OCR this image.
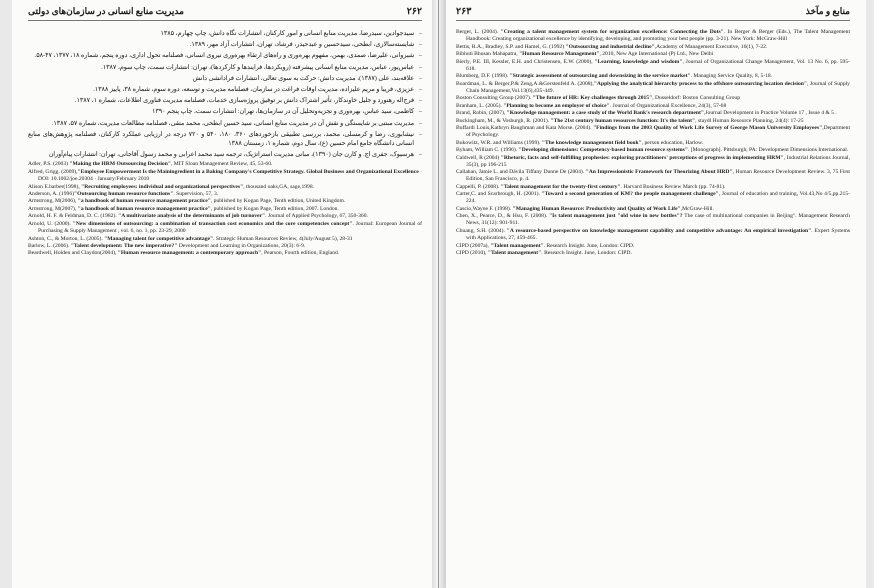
۲۶۲
مدیریت منابع انسانی در سازمان‌های دولتی
– سیدجوادین، سیدرضا، مدیریت منابع انسانی و امور کارکنان، انتشارات نگاه دانش، چاپ چهارم، ۱۳۸۵
– شایسته‌سالاری، ابطحی، سیدحسین و عبدحیدر، فرشاد، تهران، انتشارات آزاد مهر، ۱۳۸۹.
– شیروانی، علیرضا، صمدی، بهمن، مفهوم بهره‌وری و راه‌های ارتقاء بهره‌وری نیروی انسانی، فصلنامه تحول اداری، دوره پنجم، شماره ۱۸، ۱۳۷۷، ۴۷-۵۸.
– عباس‌پور، عباس، مدیریت منابع انسانی پیشرفته (رویکردها، فرایندها و کارکردها)، تهران: انتشارات سمت، چاپ سوم، ۱۳۸۷.
– علاقه‌بند، علی (۱۳۸۷)، مدیریت دانش: حرکت به سوی تعالی، انتشارات فرادانشی دانش
– عزیزی، فریبا و مریم علیزاده، مدیریت اوقات فراغت در سازمان، فصلنامه مدیریت و توسعه، دوره سوم، شماره ۳۸، پاییز ۱۳۸۸.
– فرج‌اله رهنورد و جلیل خاوندکار، تأثیر اشتراک دانش بر توفیق پروژه‌سازی خدمات، فصلنامه مدیریت فناوری اطلاعات، شماره ۱، ۱۳۸۷.
– کاظمی، سید عباس، بهره‌وری و تجزیه‌وتحلیل آن در سازمان‌ها، تهران: انتشارات سمت، چاپ پنجم ۱۳۹۰
– مدیریت مبتنی بر شایستگی و نقش آن در مدیریت منابع انسانی، سید حسین ابطحی، محمد متقی، فصلنامه مطالعات مدیریت، شماره ۵۷، ۱۳۸۷.
– نیشابوری، رضا و کرمسلی، محمد، بررسی تطبیقی بازخوردهای ۳۶۰، ۱۸۰، ۵۴۰ و ۷۲۰ درجه در ارزیابی عملکرد کارکنان، فصلنامه پژوهش‌های منابع انسانی دانشگاه جامع امام حسین (ع)، سال دوم، شماره ۱، زمستان ۱۳۸۸
– هرسیوک، جفری اچ. و کارن جان (۱۳۹۰)، مبانی مدیریت استراتژیک، ترجمه سید محمد اعرابی و محمد رسول آقاجانی، تهران: انتشارات پیام‌آوران
Adler, P.S. (2003) "Making the HRM Outsourcing Decision", MIT Sloan Management Review, 45, 53-60.
Alfred, Grigg. (2009),"Employee Empowerment Is the Mainingredient in a Baking Company's Competitive Strategy. Global Business and Organizational Excellence · DOI: 10.1002/joe.20304 · January/February 2010
Alison E.barber(1998), "Recruiting employees: individual and organizational perspectives", thousand oaks,GA, sage,1998.
Anderson, A. (1996)"Outsourcing human resource functions". Supervision, 57, 3.
Armstrong, M(2006), "a handbook of human resource management practice", published by Kogan Page, Tenth edition, United Kingdom.
Armstrong, M(2007), "a handbook of human resource management practice", published by Kogan Page, Tenth edition, 2007. London.
Arnold, H. F. & Feldman, D. C. (1982). "A multivariate analysis of the determinants of job turnover". Journal of Applied Psychology, 67, 350-360.
Arnold, U. (2000). "New dimensions of outsourcing: a combination of transaction cost economics and the core competencies concept". Journal: European Journal of Purchasing & Supply Management , vol. 6, no. 1, pp. 23-29, 2000
Ashton, C., & Morton, L. (2005). "Managing talent for competitive advantage". Strategic Human Resources Review, 4(July/August 5), 28-31
Barlow, L. (2006). "Talent development: The new imperative?" Development and Learning in Organizations, 20(3): 6-9.
Beardwell, Holden and Claydon(2004), "Human resource management: a contemporary approach", Pearson, Fourth edition, England.
منابع و مآخذ
۲۶۳
Berger, L. (2004). "Creating a talent management system for organization excellence: Connecting the Dots". In Berger & Berger (Eds.), The Talent Management Handbook: Creating organizational excellence by identifying, developing, and promoting your best people (pp. 3-21). New York: McGraw-Hill
Bettis, R.A., Bradley, S.P. and Hamel, G. (1992) "Outsourcing and industrial decline",Academy of Management Executive, 16(1), 7-22.
Bibhuti Bhusan Mahapatra, "Human Resource Management", 2010, New Age International (P) Ltd., New Delhi
Bierly, P.E. III, Kessler, E.H. and Christensen, E.W. (2000), "Learning, knowledge and wisdom", Journal of Organizational Change Management, Vol. 13 No. 6, pp. 595-618.
Blumberg, D.F. (1998). "Strategic assessment of outsourcing and downsizing in the service market". Managing Service Quality, 8, 5-18.
Boardman, L. & Berger,P.& Zeng,A.&Gerstenfeld A. (2008),"Applying the analytical hierarchy process to the offshore outsourcing location decision", Journal of Supply Chain Management,Vol.13(6),435-449.
Boston Consulting Group (2007). "The future of HR: Key challenges through 2015", Dusseldorf: Boston Consulting Group
Branham, L. (2005). "Planning to become an employer of choice". Journal of Organizational Excellence, 24(3), 57-68
Brand, Robin, (2007), "Knowledge management: a case study of the World Bank's research department",Journal Development in Practice Volume 17 , Issue 4 & 5 .
Buckingham, M., & Vosburgh, R. (2001). "The 21st century human resources function: It's the talent", staydl Human Resource Planning, 24(4): 17-25
Buffardi Louis,Kathryn Baughman and Kata Morse. (2004). "Findings from the 2003 Quality of Work Life Survey of George Mason University Employees",Department of Psychology.
Bukowitz, W.R. and Williams (1999). "The knowledge management field book", person education, Harlow.
Byham, William C. (1996). "Developing dimensions: Competency-based human resource systems". [Monograph]. Pittsburgh, PA: Development Dimensions International.
Caldwell, R (2004) "Rhetoric, facts and self-fulfilling prophesies: exploring practitioners' perceptions of progress in implementing HRM", Industrial Relations Journal, 35(3), pp 196-215
Callahan, Jamie L. and Dávila Tiffany Dunne De (2004). "An Impressionistic Framework for Theorizing About HRD", Human Resource Development Review. 3, 75 First Edition, San Francisco, p. 4.
Cappelli, P. (2008). "Talent management for the twenty-first century". Harvard Business Review March (pp. 74-81).
Carter,C. and Scarbrough, H. (2001). "Toward a second generation of KM? the people management challenge", Journal of education and training, Vol.43,No 4/5,pp.215-224.
Cascio,Wayne F. (1998). "Managing Human Resource: Productivity and Quality of Work Life",McGraw-Hill.
Chen, X., Pearce, D., & Hsu, F. (2008). "Is talent management just "old wine in new bottles"? The case of multinational companies in Beijing". Management Research News, 31(12): 901-911.
Chuang, S.H. (2004). "A resource-based perspective on knowledge management capability and competitive advantage: An empirical investigation". Expert Systems with Applications, 27, 459-465.
CIPD (2007a), "Talent management". Research Insight. June, London: CIPD.
CIPD (2010), "Talent management". Research Insight. June, London: CIPD.
